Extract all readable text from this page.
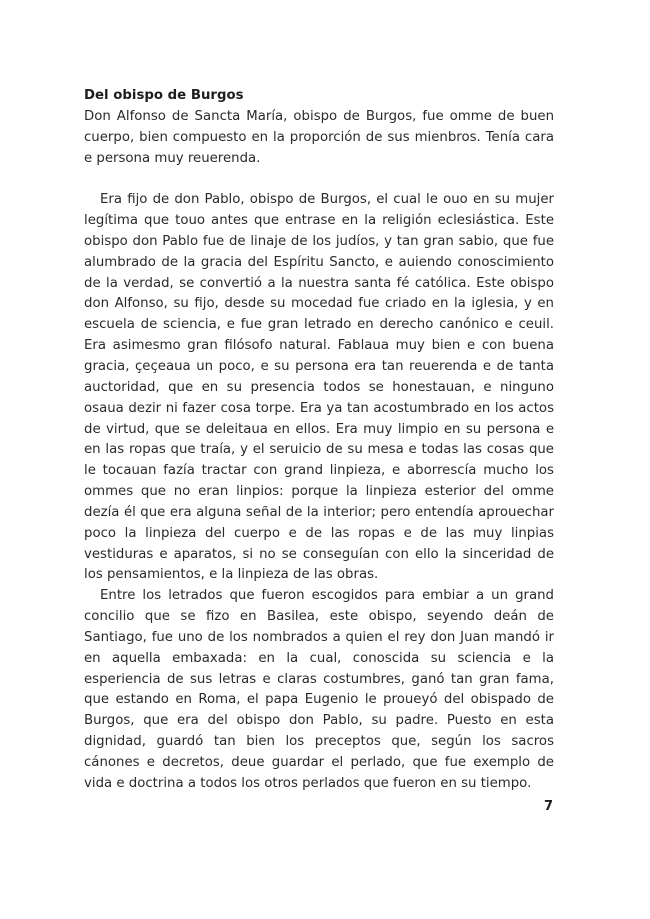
Del obispo de Burgos

Don Alfonso de Sancta María, obispo de Burgos, fue omme de buen cuerpo, bien compuesto en la proporción de sus mienbros. Tenía cara e persona muy reuerenda.

Era fijo de don Pablo, obispo de Burgos, el cual le ouo en su mujer legítima que touo antes que entrase en la religión eclesiástica. Este obispo don Pablo fue de linaje de los judíos, y tan gran sabio, que fue alumbrado de la gracia del Espíritu Sancto, e auiendo conoscimiento de la verdad, se convertió a la nuestra santa fé católica. Este obispo don Alfonso, su fijo, desde su mocedad fue criado en la iglesia, y en escuela de sciencia, e fue gran letrado en derecho canónico e ceuil. Era asimesmo gran filósofo natural. Fablaua muy bien e con buena gracia, çeçeaua un poco, e su persona era tan reuerenda e de tanta auctoridad, que en su presencia todos se honestauan, e ninguno osaua dezir ni fazer cosa torpe. Era ya tan acostumbrado en los actos de virtud, que se deleitaua en ellos. Era muy limpio en su persona e en las ropas que traía, y el seruicio de su mesa e todas las cosas que le tocauan fazía tractar con grand linpieza, e aborrescía mucho los ommes que no eran linpios: porque la linpieza esterior del omme dezía él que era alguna señal de la interior; pero entendía aprouechar poco la linpieza del cuerpo e de las ropas e de las muy linpias vestiduras e aparatos, si no se conseguían con ello la sinceridad de los pensamientos, e la linpieza de las obras.

Entre los letrados que fueron escogidos para embiar a un grand concilio que se fizo en Basilea, este obispo, seyendo deán de Santiago, fue uno de los nombrados a quien el rey don Juan mandó ir en aquella embaxada: en la cual, conoscida su sciencia e la esperiencia de sus letras e claras costumbres, ganó tan gran fama, que estando en Roma, el papa Eugenio le proueyó del obispado de Burgos, que era del obispo don Pablo, su padre. Puesto en esta dignidad, guardó tan bien los preceptos que, según los sacros cánones e decretos, deue guardar el perlado, que fue exemplo de vida e doctrina a todos los otros perlados que fueron en su tiempo.

7
